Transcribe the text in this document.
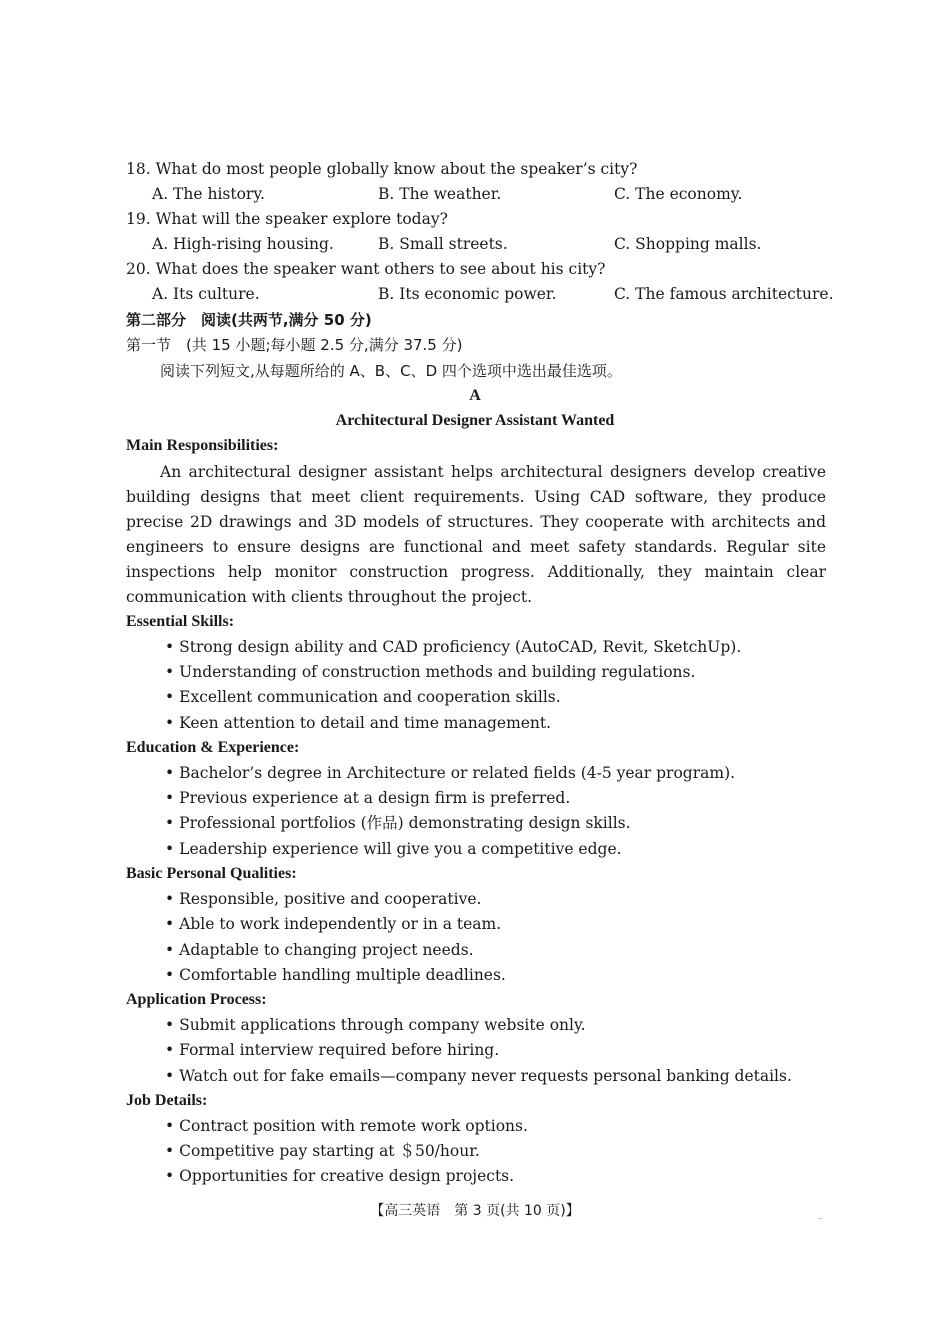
18. What do most people globally know about the speaker’s city?
A. The history.	B. The weather.	C. The economy.
19. What will the speaker explore today?
A. High-rising housing.	B. Small streets.	C. Shopping malls.
20. What does the speaker want others to see about his city?
A. Its culture.	B. Its economic power.	C. The famous architecture.
第二部分　阅读(共两节,满分 50 分)
第一节　(共 15 小题;每小题 2.5 分,满分 37.5 分)
阅读下列短文,从每题所给的 A、B、C、D 四个选项中选出最佳选项。
A
Architectural Designer Assistant Wanted
Main Responsibilities:
An architectural designer assistant helps architectural designers develop creative building designs that meet client requirements. Using CAD software, they produce precise 2D drawings and 3D models of structures. They cooperate with architects and engineers to ensure designs are functional and meet safety standards. Regular site inspections help monitor construction progress. Additionally, they maintain clear communication with clients throughout the project.
Essential Skills:
• Strong design ability and CAD proficiency (AutoCAD, Revit, SketchUp).
• Understanding of construction methods and building regulations.
• Excellent communication and cooperation skills.
• Keen attention to detail and time management.
Education & Experience:
• Bachelor’s degree in Architecture or related fields (4-5 year program).
• Previous experience at a design firm is preferred.
• Professional portfolios (作品) demonstrating design skills.
• Leadership experience will give you a competitive edge.
Basic Personal Qualities:
• Responsible, positive and cooperative.
• Able to work independently or in a team.
• Adaptable to changing project needs.
• Comfortable handling multiple deadlines.
Application Process:
• Submit applications through company website only.
• Formal interview required before hiring.
• Watch out for fake emails—company never requests personal banking details.
Job Details:
• Contract position with remote work options.
• Competitive pay starting at ＄50/hour.
• Opportunities for creative design projects.
【高三英语　第 3 页(共 10 页)】	..
